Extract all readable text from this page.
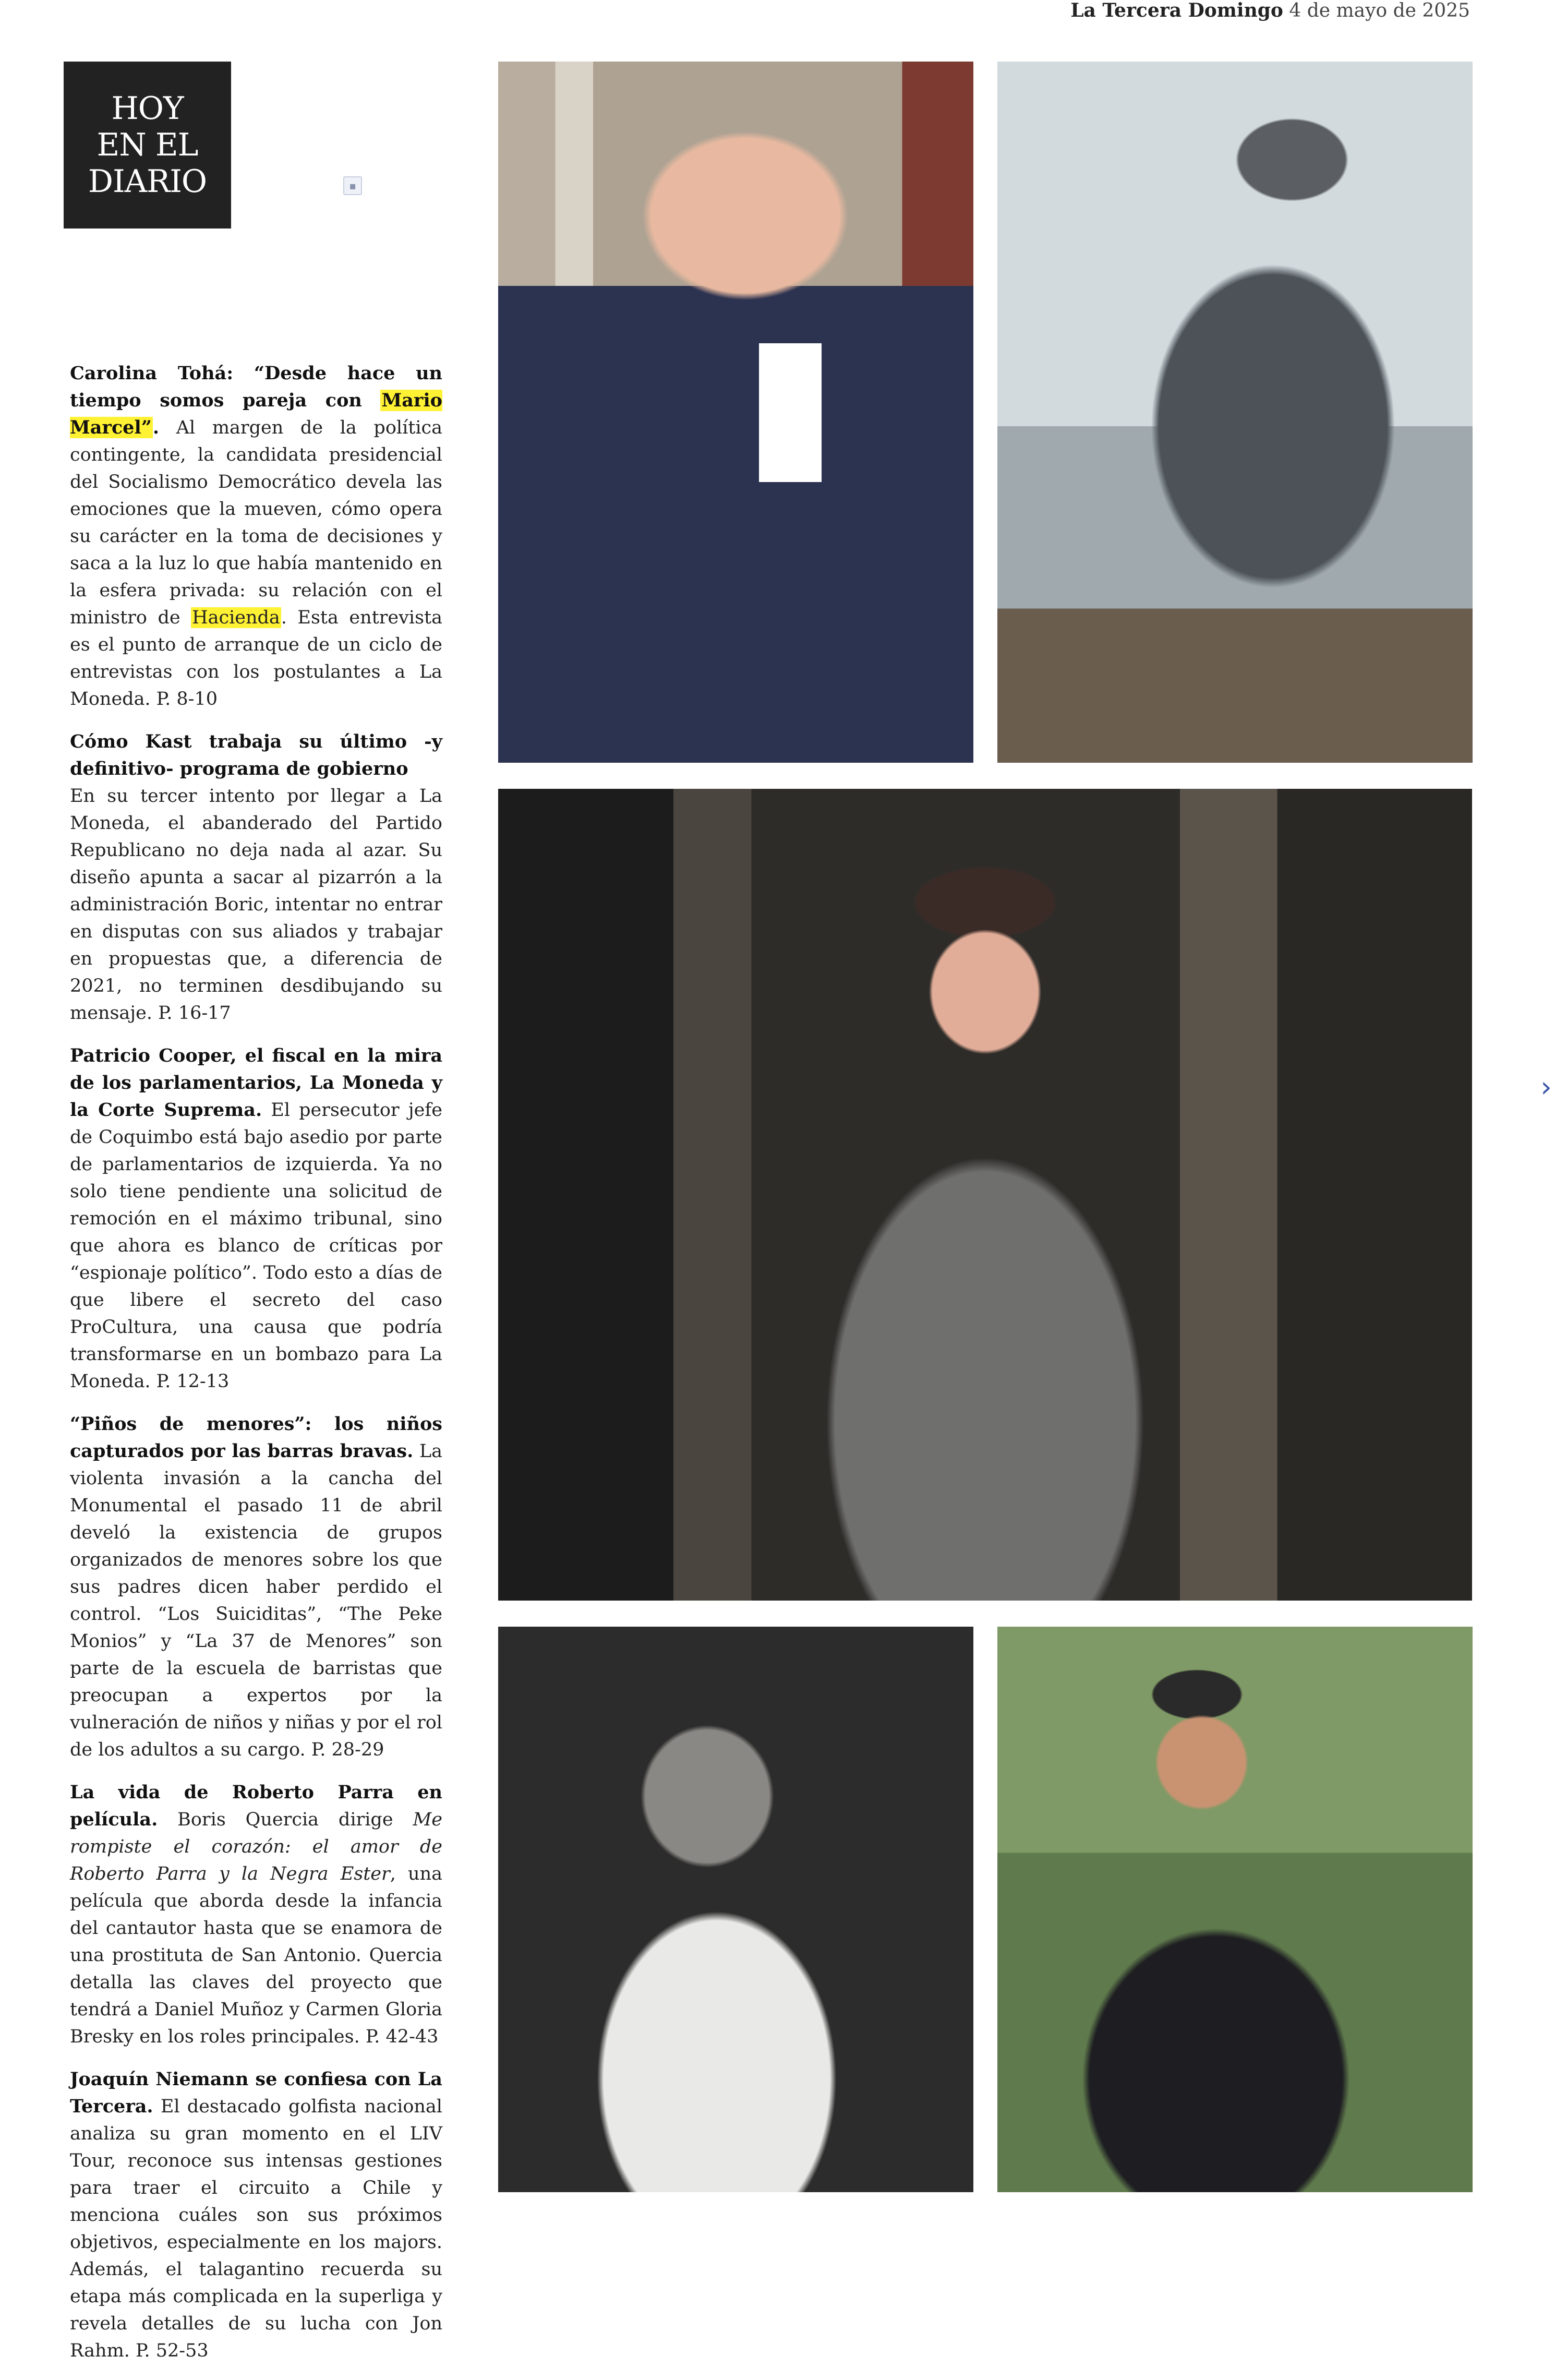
La Tercera Domingo 4 de mayo de 2025
HOY
EN EL
DIARIO	▪

Carolina Tohá: “Desde hace un tiempo somos pareja con Mario Marcel”. Al margen de la política contingente, la candidata presidencial del Socialismo Democrático devela las emociones que la mueven, cómo opera su carácter en la toma de decisiones y saca a la luz lo que había mantenido en la esfera privada: su relación con el ministro de Hacienda. Esta entrevista es el punto de arranque de un ciclo de entrevistas con los postulantes a La Moneda. P. 8-10

Cómo Kast trabaja su último -y definitivo- programa de gobierno

En su tercer intento por llegar a La Moneda, el abanderado del Partido Republicano no deja nada al azar. Su diseño apunta a sacar al pizarrón a la administración Boric, intentar no entrar en disputas con sus aliados y trabajar en propuestas que, a diferencia de 2021, no terminen desdibujando su mensaje. P. 16-17

Patricio Cooper, el fiscal en la mira de los parlamentarios, La Moneda y la Corte Suprema. El persecutor jefe de Coquimbo está bajo asedio por parte de parlamentarios de izquierda. Ya no solo tiene pendiente una solicitud de remoción en el máximo tribunal, sino que ahora es blanco de críticas por “espionaje político”. Todo esto a días de que libere el secreto del caso ProCultura, una causa que podría transformarse en un bombazo para La Moneda. P. 12-13

“Piños de menores”: los niños capturados por las barras bravas. La violenta invasión a la cancha del Monumental el pasado 11 de abril develó la existencia de grupos organizados de menores sobre los que sus padres dicen haber perdido el control. “Los Suiciditas”, “The Peke Monios” y “La 37 de Menores” son parte de la escuela de barristas que preocupan a expertos por la vulneración de niños y niñas y por el rol de los adultos a su cargo. P. 28-29

La vida de Roberto Parra en película. Boris Quercia dirige Me rompiste el corazón: el amor de Roberto Parra y la Negra Ester, una película que aborda desde la infancia del cantautor hasta que se enamora de una prostituta de San Antonio. Quercia detalla las claves del proyecto que tendrá a Daniel Muñoz y Carmen Gloria Bresky en los roles principales. P. 42-43

Joaquín Niemann se confiesa con La Tercera. El destacado golfista nacional analiza su gran momento en el LIV Tour, reconoce sus intensas gestiones para traer el circuito a Chile y menciona cuáles son sus próximos objetivos, especialmente en los majors. Además, el talagantino recuerda su etapa más complicada en la superliga y revela detalles de su lucha con Jon Rahm. P. 52-53

›
